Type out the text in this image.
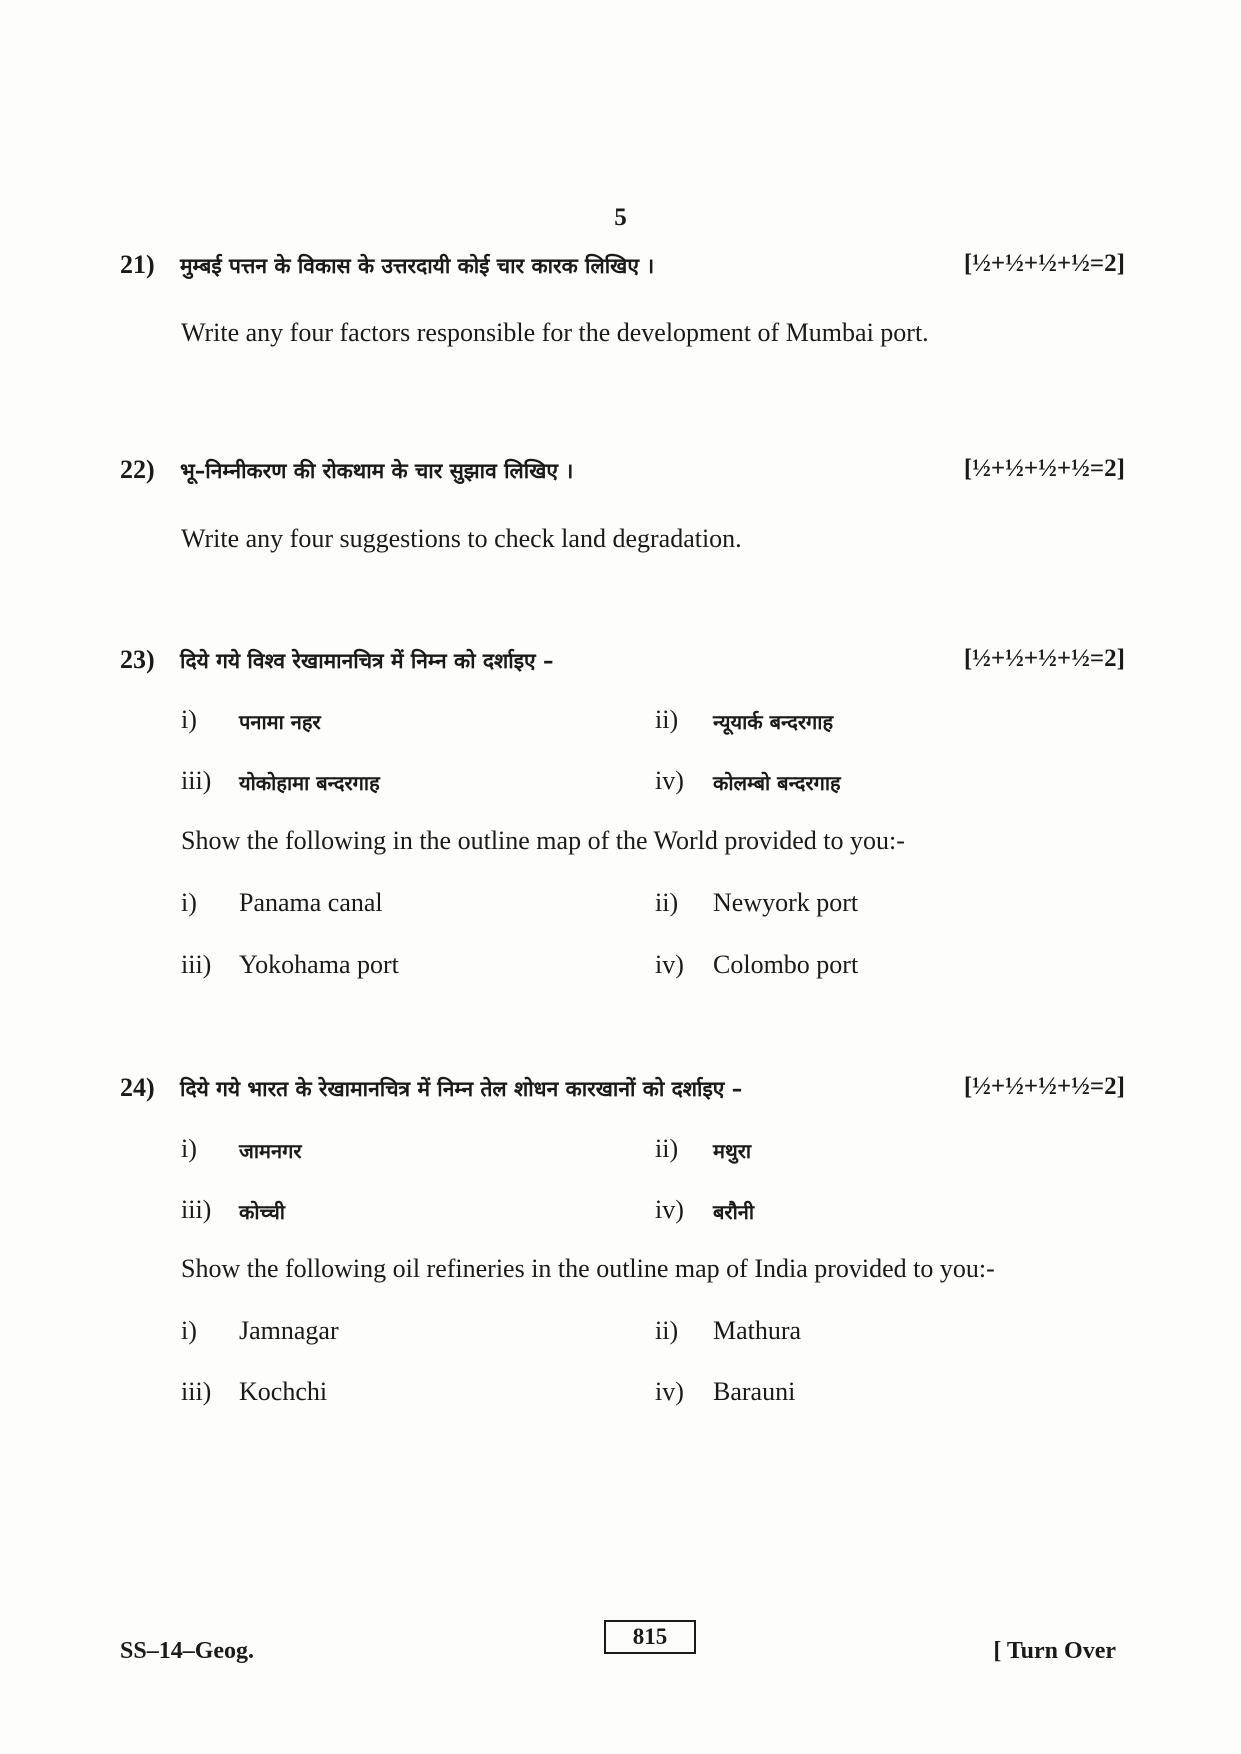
5
21) मुम्बई पत्तन के विकास के उत्तरदायी कोई चार कारक लिखिए ।	[½+½+½+½=2]
Write any four factors responsible for the development of Mumbai port.
22) भू–निम्नीकरण की रोकथाम के चार सुझाव लिखिए ।	[½+½+½+½=2]
Write any four suggestions to check land degradation.
23) दिये गये विश्व रेखामानचित्र में निम्न को दर्शाइए –	[½+½+½+½=2]
i) पनामा नहर	ii) न्यूयार्क बन्दरगाह
iii) योकोहामा बन्दरगाह	iv) कोलम्बो बन्दरगाह
Show the following in the outline map of the World provided to you:-
i) Panama canal	ii) Newyork port
iii) Yokohama port	iv) Colombo port
24) दिये गये भारत के रेखामानचित्र में निम्न तेल शोधन कारखानों को दर्शाइए –	[½+½+½+½=2]
i) जामनगर	ii) मथुरा
iii) कोच्ची	iv) बरौनी
Show the following oil refineries in the outline map of India provided to you:-
i) Jamnagar	ii) Mathura
iii) Kochchi	iv) Barauni
SS–14–Geog.
815
[ Turn Over
